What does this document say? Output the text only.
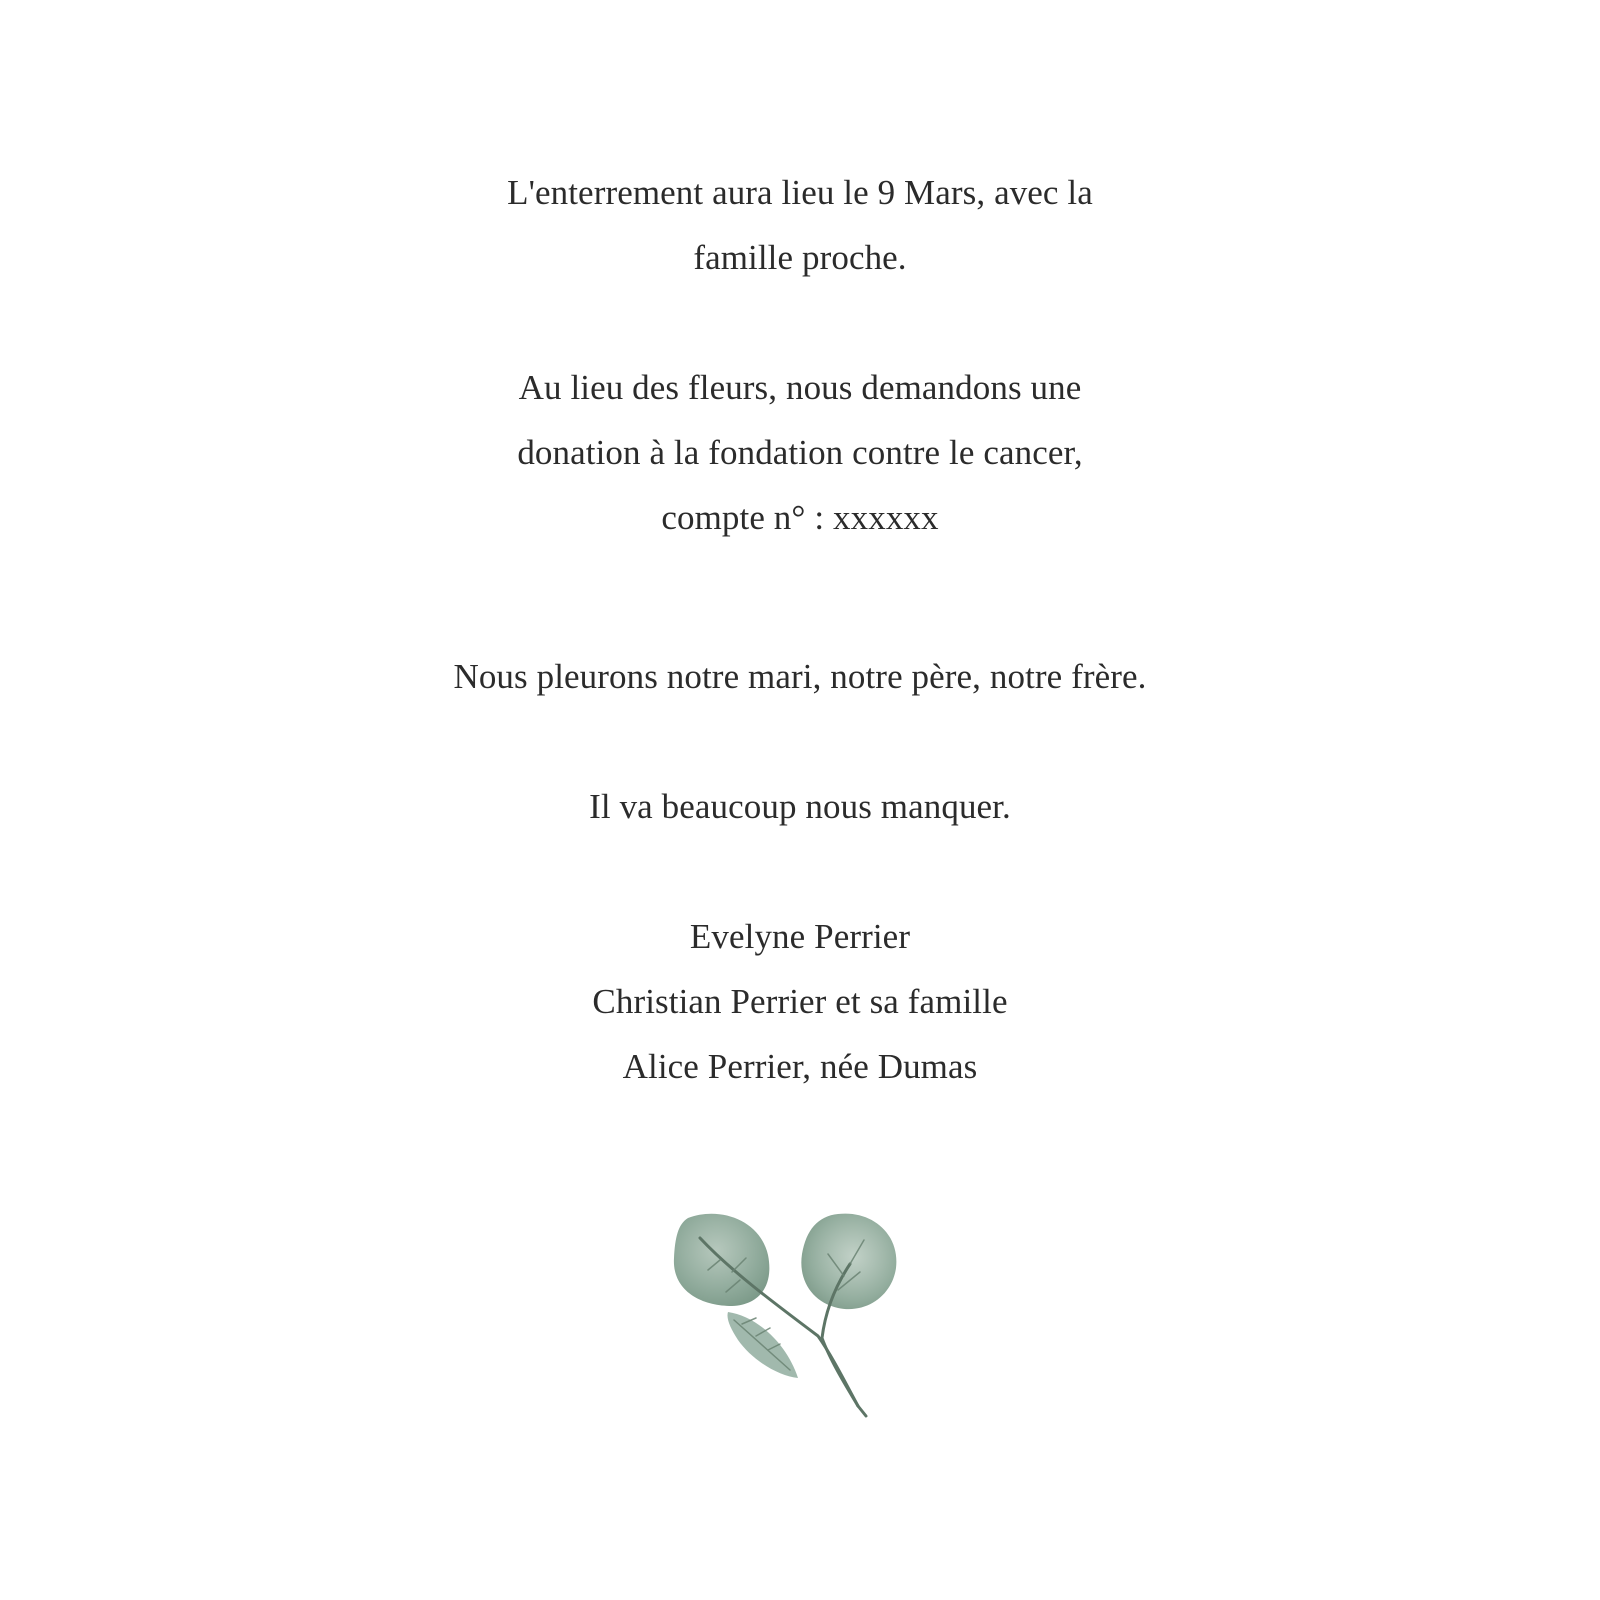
L'enterrement aura lieu le 9 Mars, avec la
famille proche.
Au lieu des fleurs, nous demandons une
donation à la fondation contre le cancer,
compte n° : xxxxxx
Nous pleurons notre mari, notre père, notre frère.
Il va beaucoup nous manquer.
Evelyne Perrier
Christian Perrier et sa famille
Alice Perrier, née Dumas
